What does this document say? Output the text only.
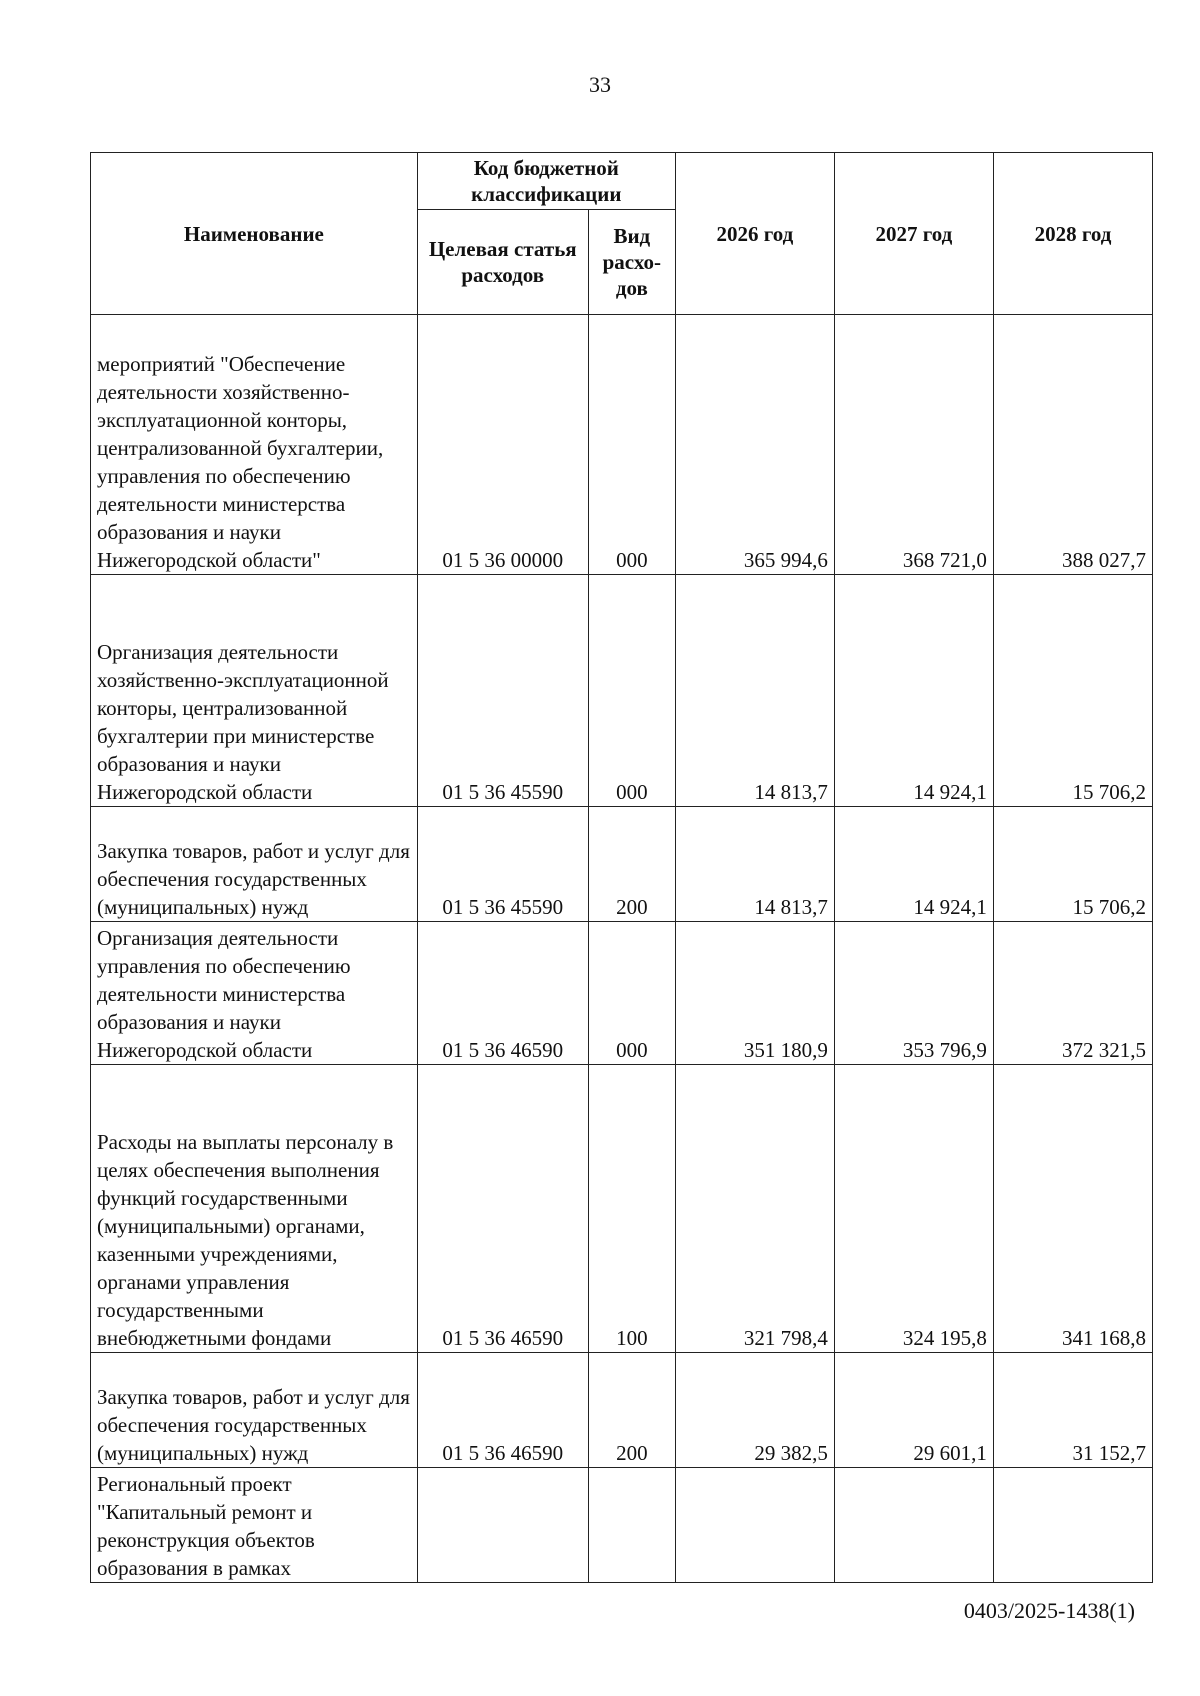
33
Наименование	Код бюджетной классификации		2026 год	2027 год	2028 год
	Целевая статья расходов	Вид расхо- дов			
мероприятий "Обеспечение деятельности хозяйственно-эксплуатационной конторы, централизованной бухгалтерии, управления по обеспечению деятельности министерства образования и науки Нижегородской области"	01 5 36 00000	000	365 994,6	368 721,0	388 027,7
Организация деятельности хозяйственно-эксплуатационной конторы, централизованной бухгалтерии при министерстве образования и науки Нижегородской области	01 5 36 45590	000	14 813,7	14 924,1	15 706,2
Закупка товаров, работ и услуг для обеспечения государственных (муниципальных) нужд	01 5 36 45590	200	14 813,7	14 924,1	15 706,2
Организация деятельности управления по обеспечению деятельности министерства образования и науки Нижегородской области	01 5 36 46590	000	351 180,9	353 796,9	372 321,5
Расходы на выплаты персоналу в целях обеспечения выполнения функций государственными (муниципальными) органами, казенными учреждениями, органами управления государственными внебюджетными фондами	01 5 36 46590	100	321 798,4	324 195,8	341 168,8
Закупка товаров, работ и услуг для обеспечения государственных (муниципальных) нужд	01 5 36 46590	200	29 382,5	29 601,1	31 152,7
Региональный проект "Капитальный ремонт и реконструкция объектов образования в рамках					
0403/2025-1438(1)
